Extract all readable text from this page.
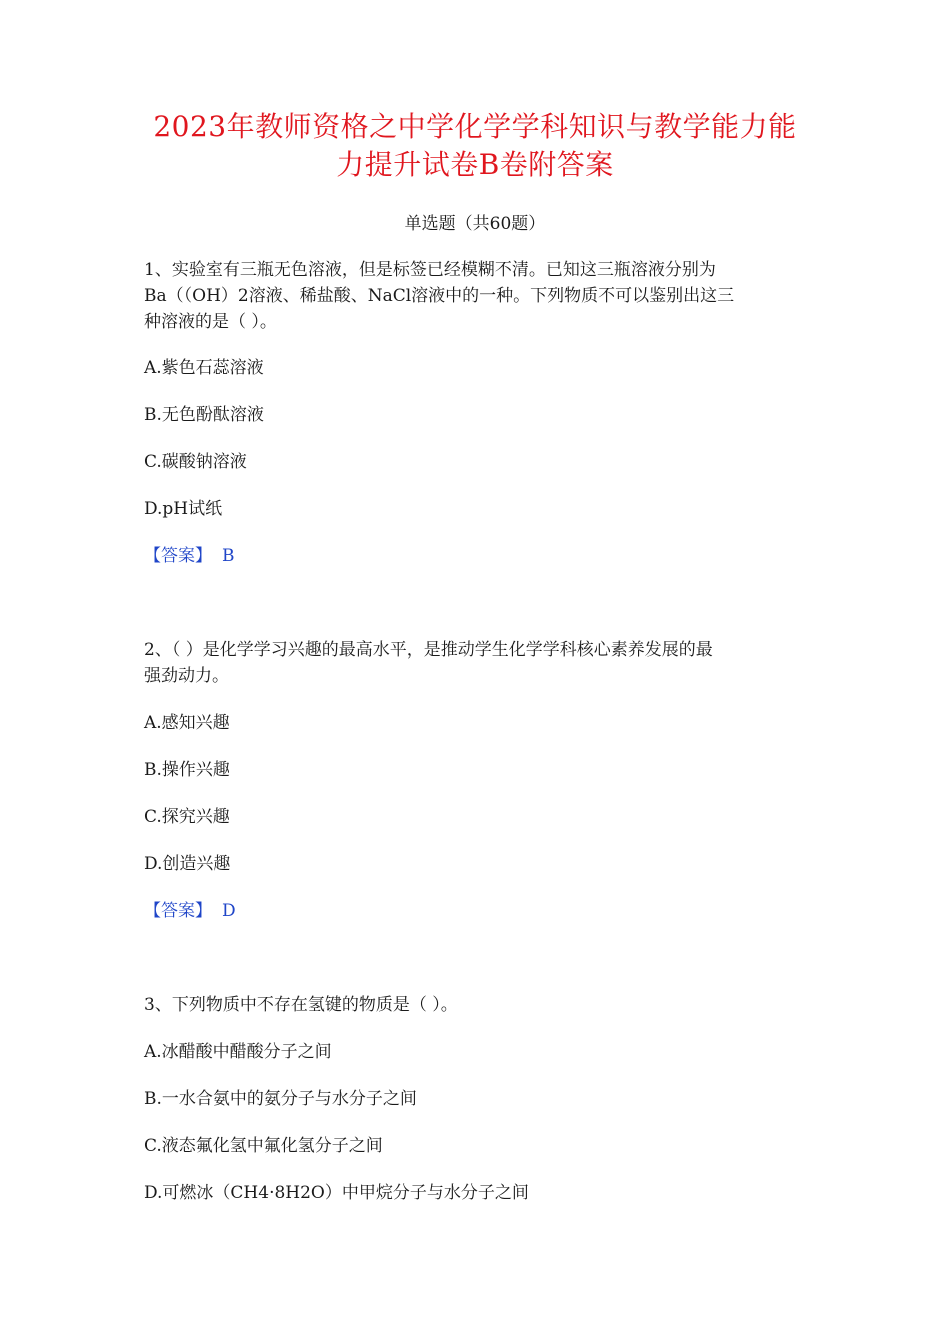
2023年教师资格之中学化学学科知识与教学能力能
力提升试卷B卷附答案
单选题（共60题）
1、实验室有三瓶无色溶液，但是标签已经模糊不清。已知这三瓶溶液分别为
Ba（（OH）2溶液、稀盐酸、NaCl溶液中的一种。下列物质不可以鉴别出这三
种溶液的是（ ）。
A.紫色石蕊溶液
B.无色酚酞溶液
C.碳酸钠溶液
D.pH试纸
【答案】 B
2、（ ）是化学学习兴趣的最高水平，是推动学生化学学科核心素养发展的最
强劲动力。
A.感知兴趣
B.操作兴趣
C.探究兴趣
D.创造兴趣
【答案】 D
3、下列物质中不存在氢键的物质是（ ）。
A.冰醋酸中醋酸分子之间
B.一水合氨中的氨分子与水分子之间
C.液态氟化氢中氟化氢分子之间
D.可燃冰（CH4·8H2O）中甲烷分子与水分子之间
